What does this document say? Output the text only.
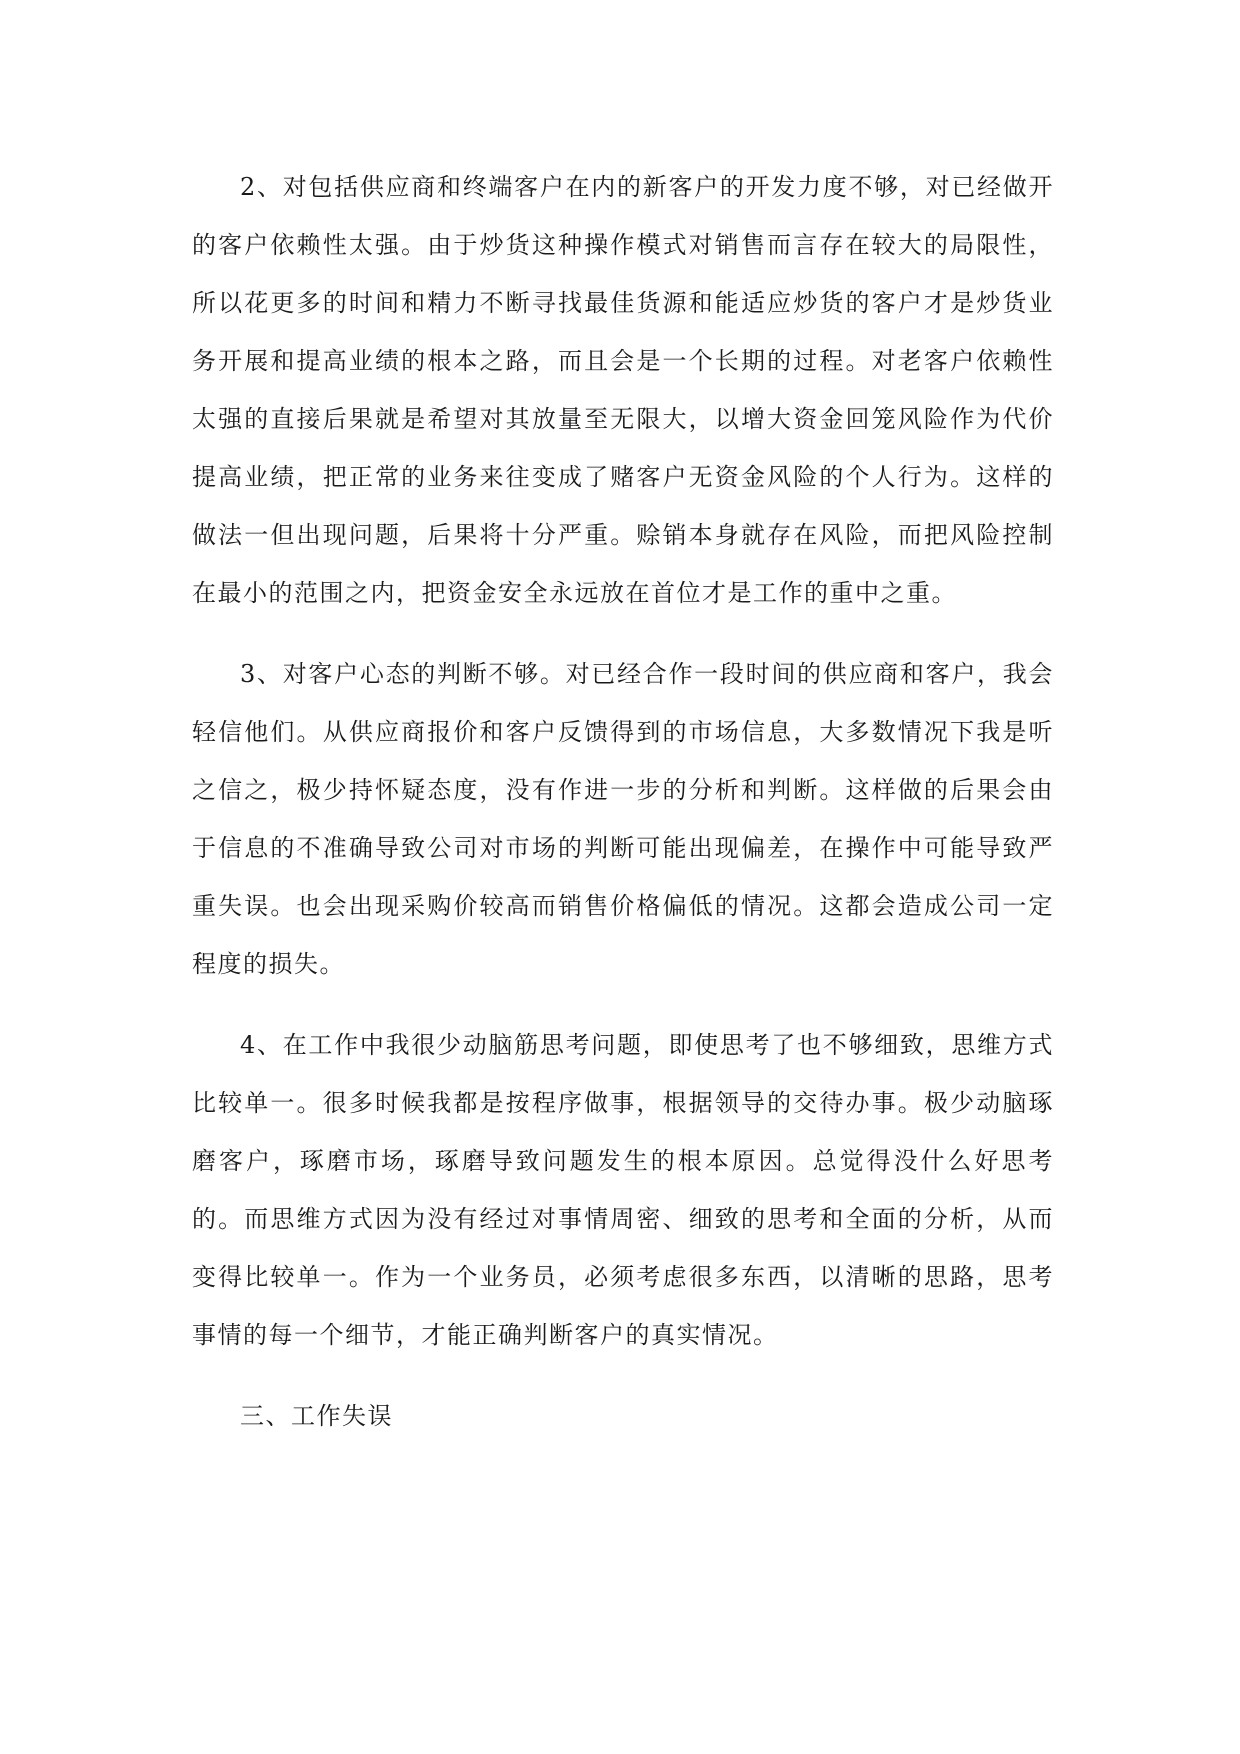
2、对包括供应商和终端客户在内的新客户的开发力度不够，对已经做开的客户依赖性太强。由于炒货这种操作模式对销售而言存在较大的局限性，所以花更多的时间和精力不断寻找最佳货源和能适应炒货的客户才是炒货业务开展和提高业绩的根本之路，而且会是一个长期的过程。对老客户依赖性太强的直接后果就是希望对其放量至无限大，以增大资金回笼风险作为代价提高业绩，把正常的业务来往变成了赌客户无资金风险的个人行为。这样的做法一但出现问题，后果将十分严重。赊销本身就存在风险，而把风险控制在最小的范围之内，把资金安全永远放在首位才是工作的重中之重。

3、对客户心态的判断不够。对已经合作一段时间的供应商和客户，我会轻信他们。从供应商报价和客户反馈得到的市场信息，大多数情况下我是听之信之，极少持怀疑态度，没有作进一步的分析和判断。这样做的后果会由于信息的不准确导致公司对市场的判断可能出现偏差，在操作中可能导致严重失误。也会出现采购价较高而销售价格偏低的情况。这都会造成公司一定程度的损失。

4、在工作中我很少动脑筋思考问题，即使思考了也不够细致，思维方式比较单一。很多时候我都是按程序做事，根据领导的交待办事。极少动脑琢磨客户，琢磨市场，琢磨导致问题发生的根本原因。总觉得没什么好思考的。而思维方式因为没有经过对事情周密、细致的思考和全面的分析，从而变得比较单一。作为一个业务员，必须考虑很多东西，以清晰的思路，思考事情的每一个细节，才能正确判断客户的真实情况。

三、工作失误
